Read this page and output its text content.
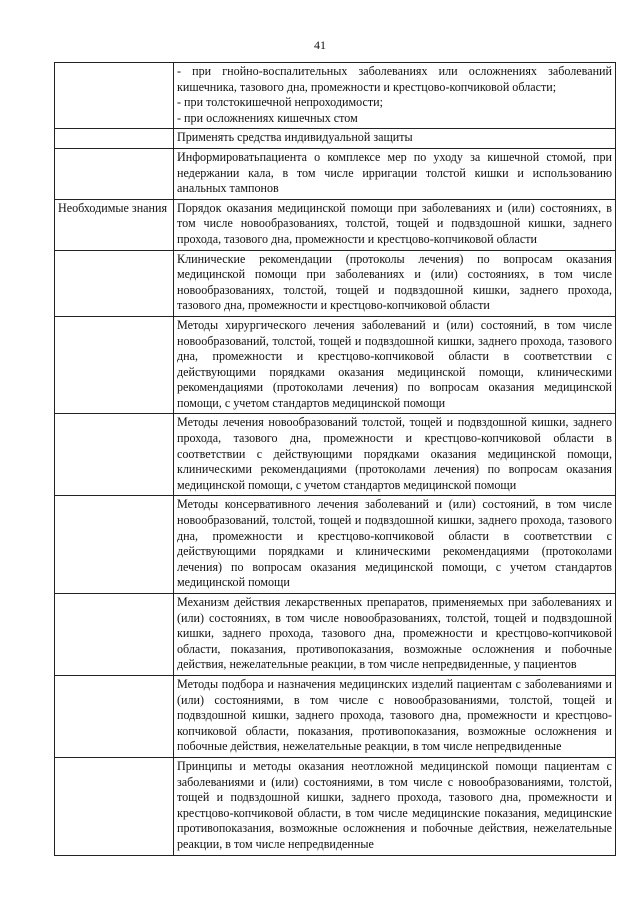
41

	- при гнойно-воспалительных заболеваниях или осложнениях заболеваний кишечника, тазового дна, промежности и крестцово-копчиковой области;
- при толстокишечной непроходимости;
- при осложнениях кишечных стом

	Применять средства индивидуальной защиты
	Информироватьпациента о комплексе мер по уходу за кишечной стомой, при недержании кала, в том числе ирригации толстой кишки и использованию анальных тампонов
Необходимые знания	Порядок оказания медицинской помощи при заболеваниях и (или) состояниях, в том числе новообразованиях, толстой, тощей и подвздошной кишки, заднего прохода, тазового дна, промежности и крестцово-копчиковой области
	Клинические рекомендации (протоколы лечения) по вопросам оказания медицинской помощи при заболеваниях и (или) состояниях, в том числе новообразованиях, толстой, тощей и подвздошной кишки, заднего прохода, тазового дна, промежности и крестцово-копчиковой области
	Методы хирургического лечения заболеваний и (или) состояний, в том числе новообразований, толстой, тощей и подвздошной кишки, заднего прохода, тазового дна, промежности и крестцово-копчиковой области в соответствии с действующими порядками оказания медицинской помощи, клиническими рекомендациями (протоколами лечения) по вопросам оказания медицинской помощи, с учетом стандартов медицинской помощи
	Методы лечения новообразований толстой, тощей и подвздошной кишки, заднего прохода, тазового дна, промежности и крестцово-копчиковой области в соответствии с действующими порядками оказания медицинской помощи, клиническими рекомендациями (протоколами лечения) по вопросам оказания медицинской помощи, с учетом стандартов медицинской помощи
	Методы консервативного лечения заболеваний и (или) состояний, в том числе новообразований, толстой, тощей и подвздошной кишки, заднего прохода, тазового дна, промежности и крестцово-копчиковой области в соответствии с действующими порядками и клиническими рекомендациями (протоколами лечения) по вопросам оказания медицинской помощи, с учетом стандартов медицинской помощи
	Механизм действия лекарственных препаратов, применяемых при заболеваниях и (или) состояниях, в том числе новообразованиях, толстой, тощей и подвздошной кишки, заднего прохода, тазового дна, промежности и крестцово-копчиковой области, показания, противопоказания, возможные осложнения и побочные действия, нежелательные реакции, в том числе непредвиденные, у пациентов
	Методы подбора и назначения медицинских изделий пациентам с заболеваниями и (или) состояниями, в том числе с новообразованиями, толстой, тощей и подвздошной кишки, заднего прохода, тазового дна, промежности и крестцово-копчиковой области, показания, противопоказания, возможные осложнения и побочные действия, нежелательные реакции, в том числе непредвиденные
	Принципы и методы оказания неотложной медицинской помощи пациентам с заболеваниями и (или) состояниями, в том числе с новообразованиями, толстой, тощей и подвздошной кишки, заднего прохода, тазового дна, промежности и крестцово-копчиковой области, в том числе медицинские показания, медицинские противопоказания, возможные осложнения и побочные действия, нежелательные реакции, в том числе непредвиденные
